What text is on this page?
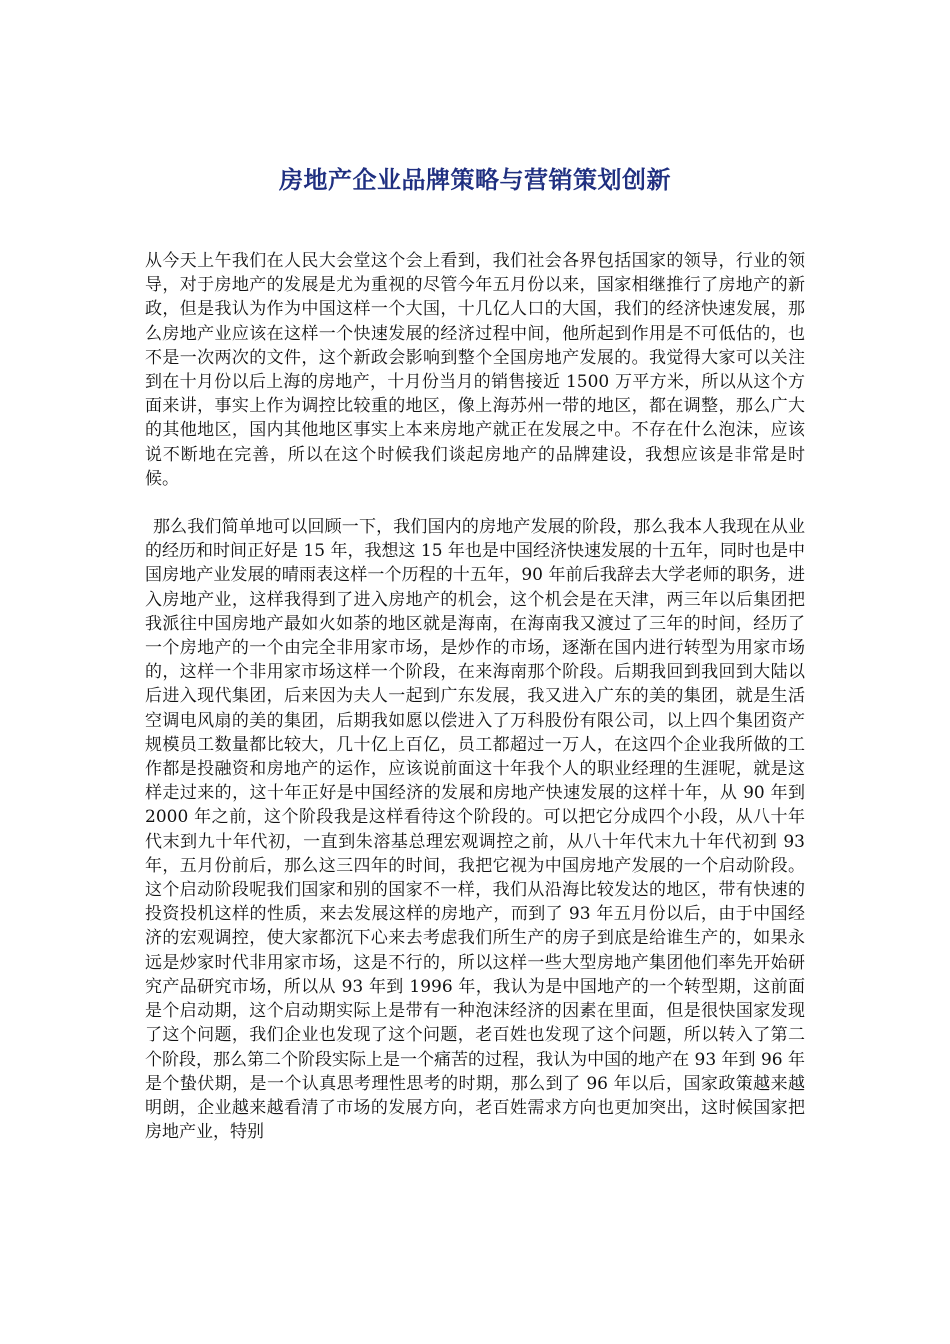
房地产企业品牌策略与营销策划创新

从今天上午我们在人民大会堂这个会上看到，我们社会各界包括国家的领导，行业的领导，对于房地产的发展是尤为重视的尽管今年五月份以来，国家相继推行了房地产的新政，但是我认为作为中国这样一个大国，十几亿人口的大国，我们的经济快速发展，那么房地产业应该在这样一个快速发展的经济过程中间，他所起到作用是不可低估的，也不是一次两次的文件，这个新政会影响到整个全国房地产发展的。我觉得大家可以关注到在十月份以后上海的房地产，十月份当月的销售接近 1500 万平方米，所以从这个方面来讲，事实上作为调控比较重的地区，像上海苏州一带的地区，都在调整，那么广大的其他地区，国内其他地区事实上本来房地产就正在发展之中。不存在什么泡沫，应该说不断地在完善，所以在这个时候我们谈起房地产的品牌建设，我想应该是非常是时候。

那么我们简单地可以回顾一下，我们国内的房地产发展的阶段，那么我本人我现在从业的经历和时间正好是 15 年，我想这 15 年也是中国经济快速发展的十五年，同时也是中国房地产业发展的晴雨表这样一个历程的十五年，90 年前后我辞去大学老师的职务，进入房地产业，这样我得到了进入房地产的机会，这个机会是在天津，两三年以后集团把我派往中国房地产最如火如荼的地区就是海南，在海南我又渡过了三年的时间，经历了一个房地产的一个由完全非用家市场，是炒作的市场，逐渐在国内进行转型为用家市场的，这样一个非用家市场这样一个阶段，在来海南那个阶段。后期我回到我回到大陆以后进入现代集团，后来因为夫人一起到广东发展，我又进入广东的美的集团，就是生活空调电风扇的美的集团，后期我如愿以偿进入了万科股份有限公司，以上四个集团资产规模员工数量都比较大，几十亿上百亿，员工都超过一万人，在这四个企业我所做的工作都是投融资和房地产的运作，应该说前面这十年我个人的职业经理的生涯呢，就是这样走过来的，这十年正好是中国经济的发展和房地产快速发展的这样十年，从 90 年到 2000 年之前，这个阶段我是这样看待这个阶段的。可以把它分成四个小段，从八十年代末到九十年代初，一直到朱溶基总理宏观调控之前，从八十年代末九十年代初到 93 年，五月份前后，那么这三四年的时间，我把它视为中国房地产发展的一个启动阶段。这个启动阶段呢我们国家和别的国家不一样，我们从沿海比较发达的地区，带有快速的投资投机这样的性质，来去发展这样的房地产，而到了 93 年五月份以后，由于中国经济的宏观调控，使大家都沉下心来去考虑我们所生产的房子到底是给谁生产的，如果永远是炒家时代非用家市场，这是不行的，所以这样一些大型房地产集团他们率先开始研究产品研究市场，所以从 93 年到 1996 年，我认为是中国地产的一个转型期，这前面是个启动期，这个启动期实际上是带有一种泡沫经济的因素在里面，但是很快国家发现了这个问题，我们企业也发现了这个问题，老百姓也发现了这个问题，所以转入了第二个阶段，那么第二个阶段实际上是一个痛苦的过程，我认为中国的地产在 93 年到 96 年是个蛰伏期，是一个认真思考理性思考的时期，那么到了 96 年以后，国家政策越来越明朗，企业越来越看清了市场的发展方向，老百姓需求方向也更加突出，这时候国家把房地产业，特别
